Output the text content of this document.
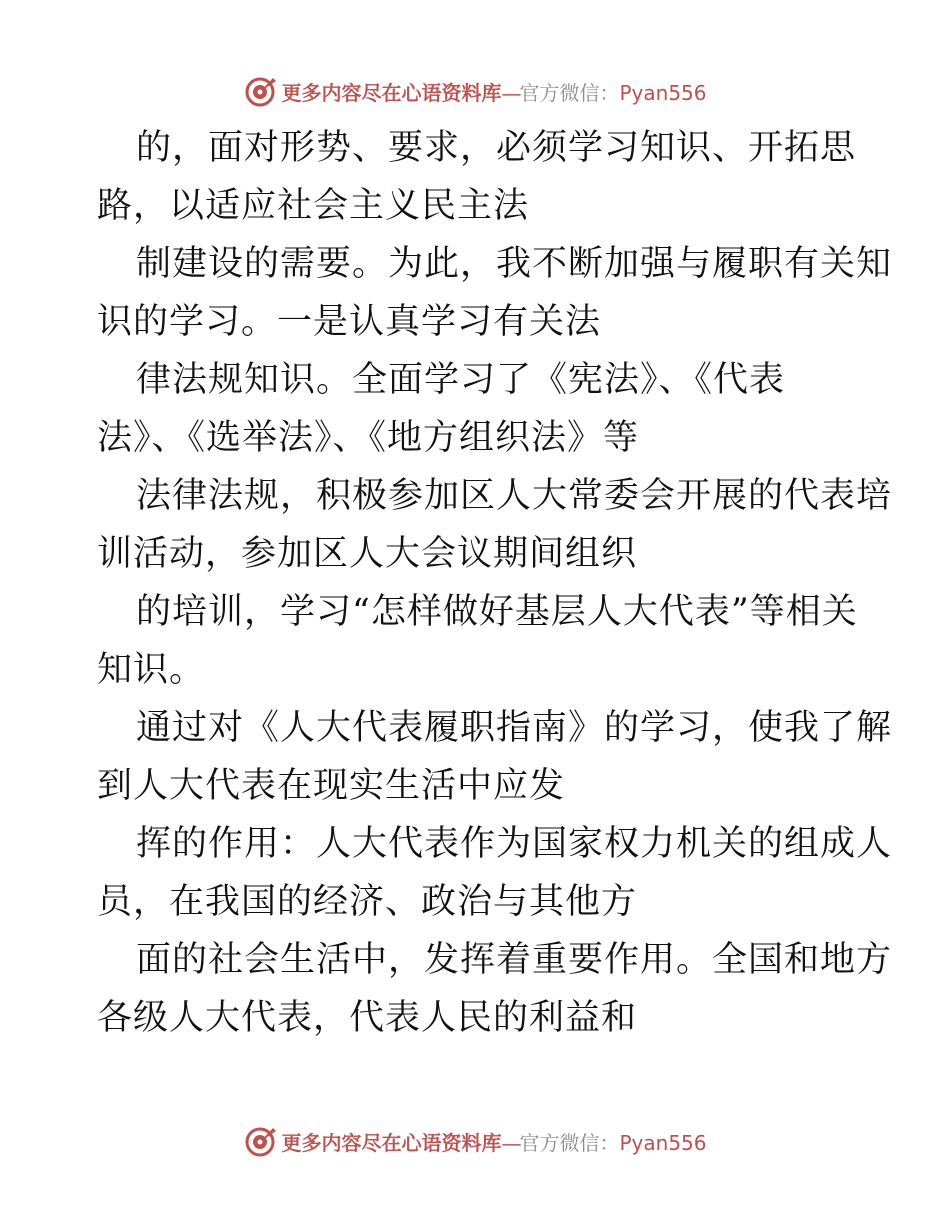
更多内容尽在心语资料库—官方微信：Pyan556
的，面对形势、要求，必须学习知识、开拓思
路，以适应社会主义民主法
制建设的需要。为此，我不断加强与履职有关知
识的学习。一是认真学习有关法
律法规知识。全面学习了《宪法》、《代表
法》、《选举法》、《地方组织法》等
法律法规，积极参加区人大常委会开展的代表培
训活动，参加区人大会议期间组织
的培训，学习“怎样做好基层人大代表”等相关
知识。
通过对《人大代表履职指南》的学习，使我了解
到人大代表在现实生活中应发
挥的作用：人大代表作为国家权力机关的组成人
员，在我国的经济、政治与其他方
面的社会生活中，发挥着重要作用。全国和地方
各级人大代表，代表人民的利益和
更多内容尽在心语资料库—官方微信：Pyan556
